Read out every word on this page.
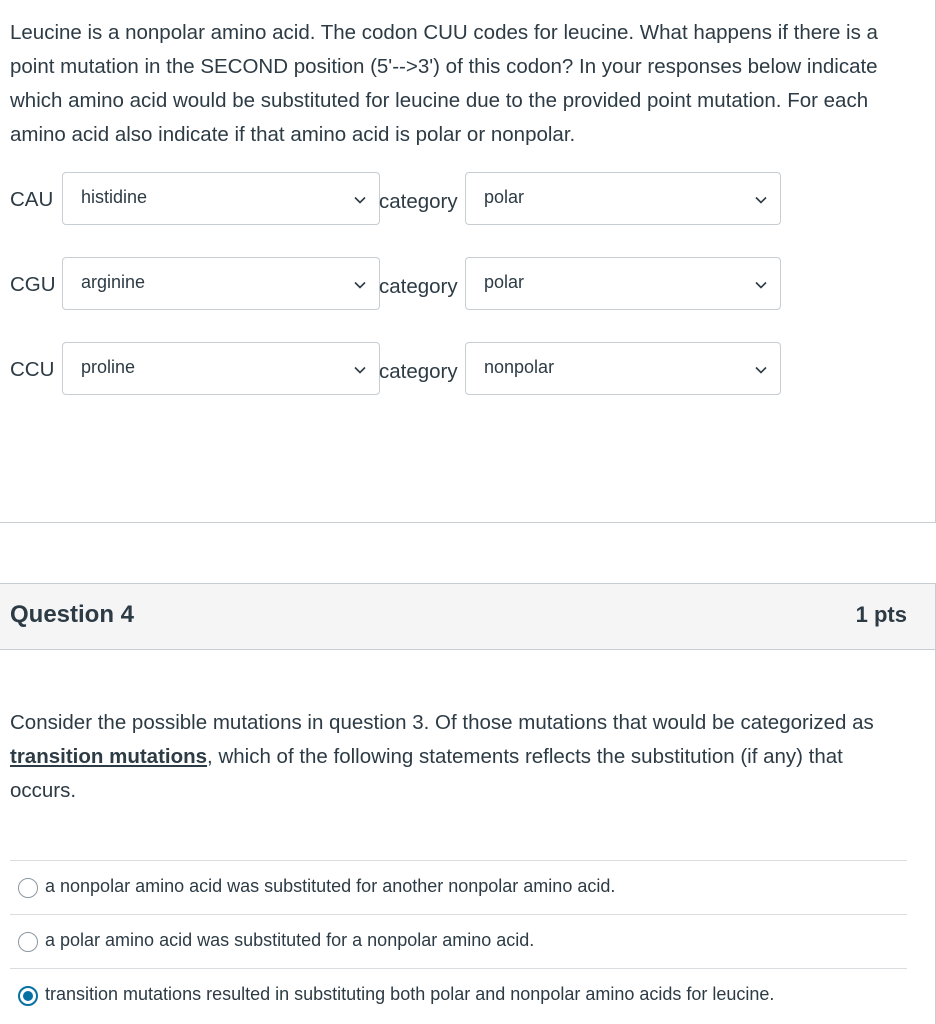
Leucine is a nonpolar amino acid. The codon CUU codes for leucine. What happens if there is a point mutation in the SECOND position (5'-->3') of this codon? In your responses below indicate which amino acid would be substituted for leucine due to the provided point mutation. For each amino acid also indicate if that amino acid is polar or nonpolar.
CAU histidine	category polar
CGU arginine	category polar
CCU proline	category nonpolar
Question 4	1 pts
Consider the possible mutations in question 3. Of those mutations that would be categorized as transition mutations, which of the following statements reflects the substitution (if any) that occurs.
a nonpolar amino acid was substituted for another nonpolar amino acid.
a polar amino acid was substituted for a nonpolar amino acid.
transition mutations resulted in substituting both polar and nonpolar amino acids for leucine.
